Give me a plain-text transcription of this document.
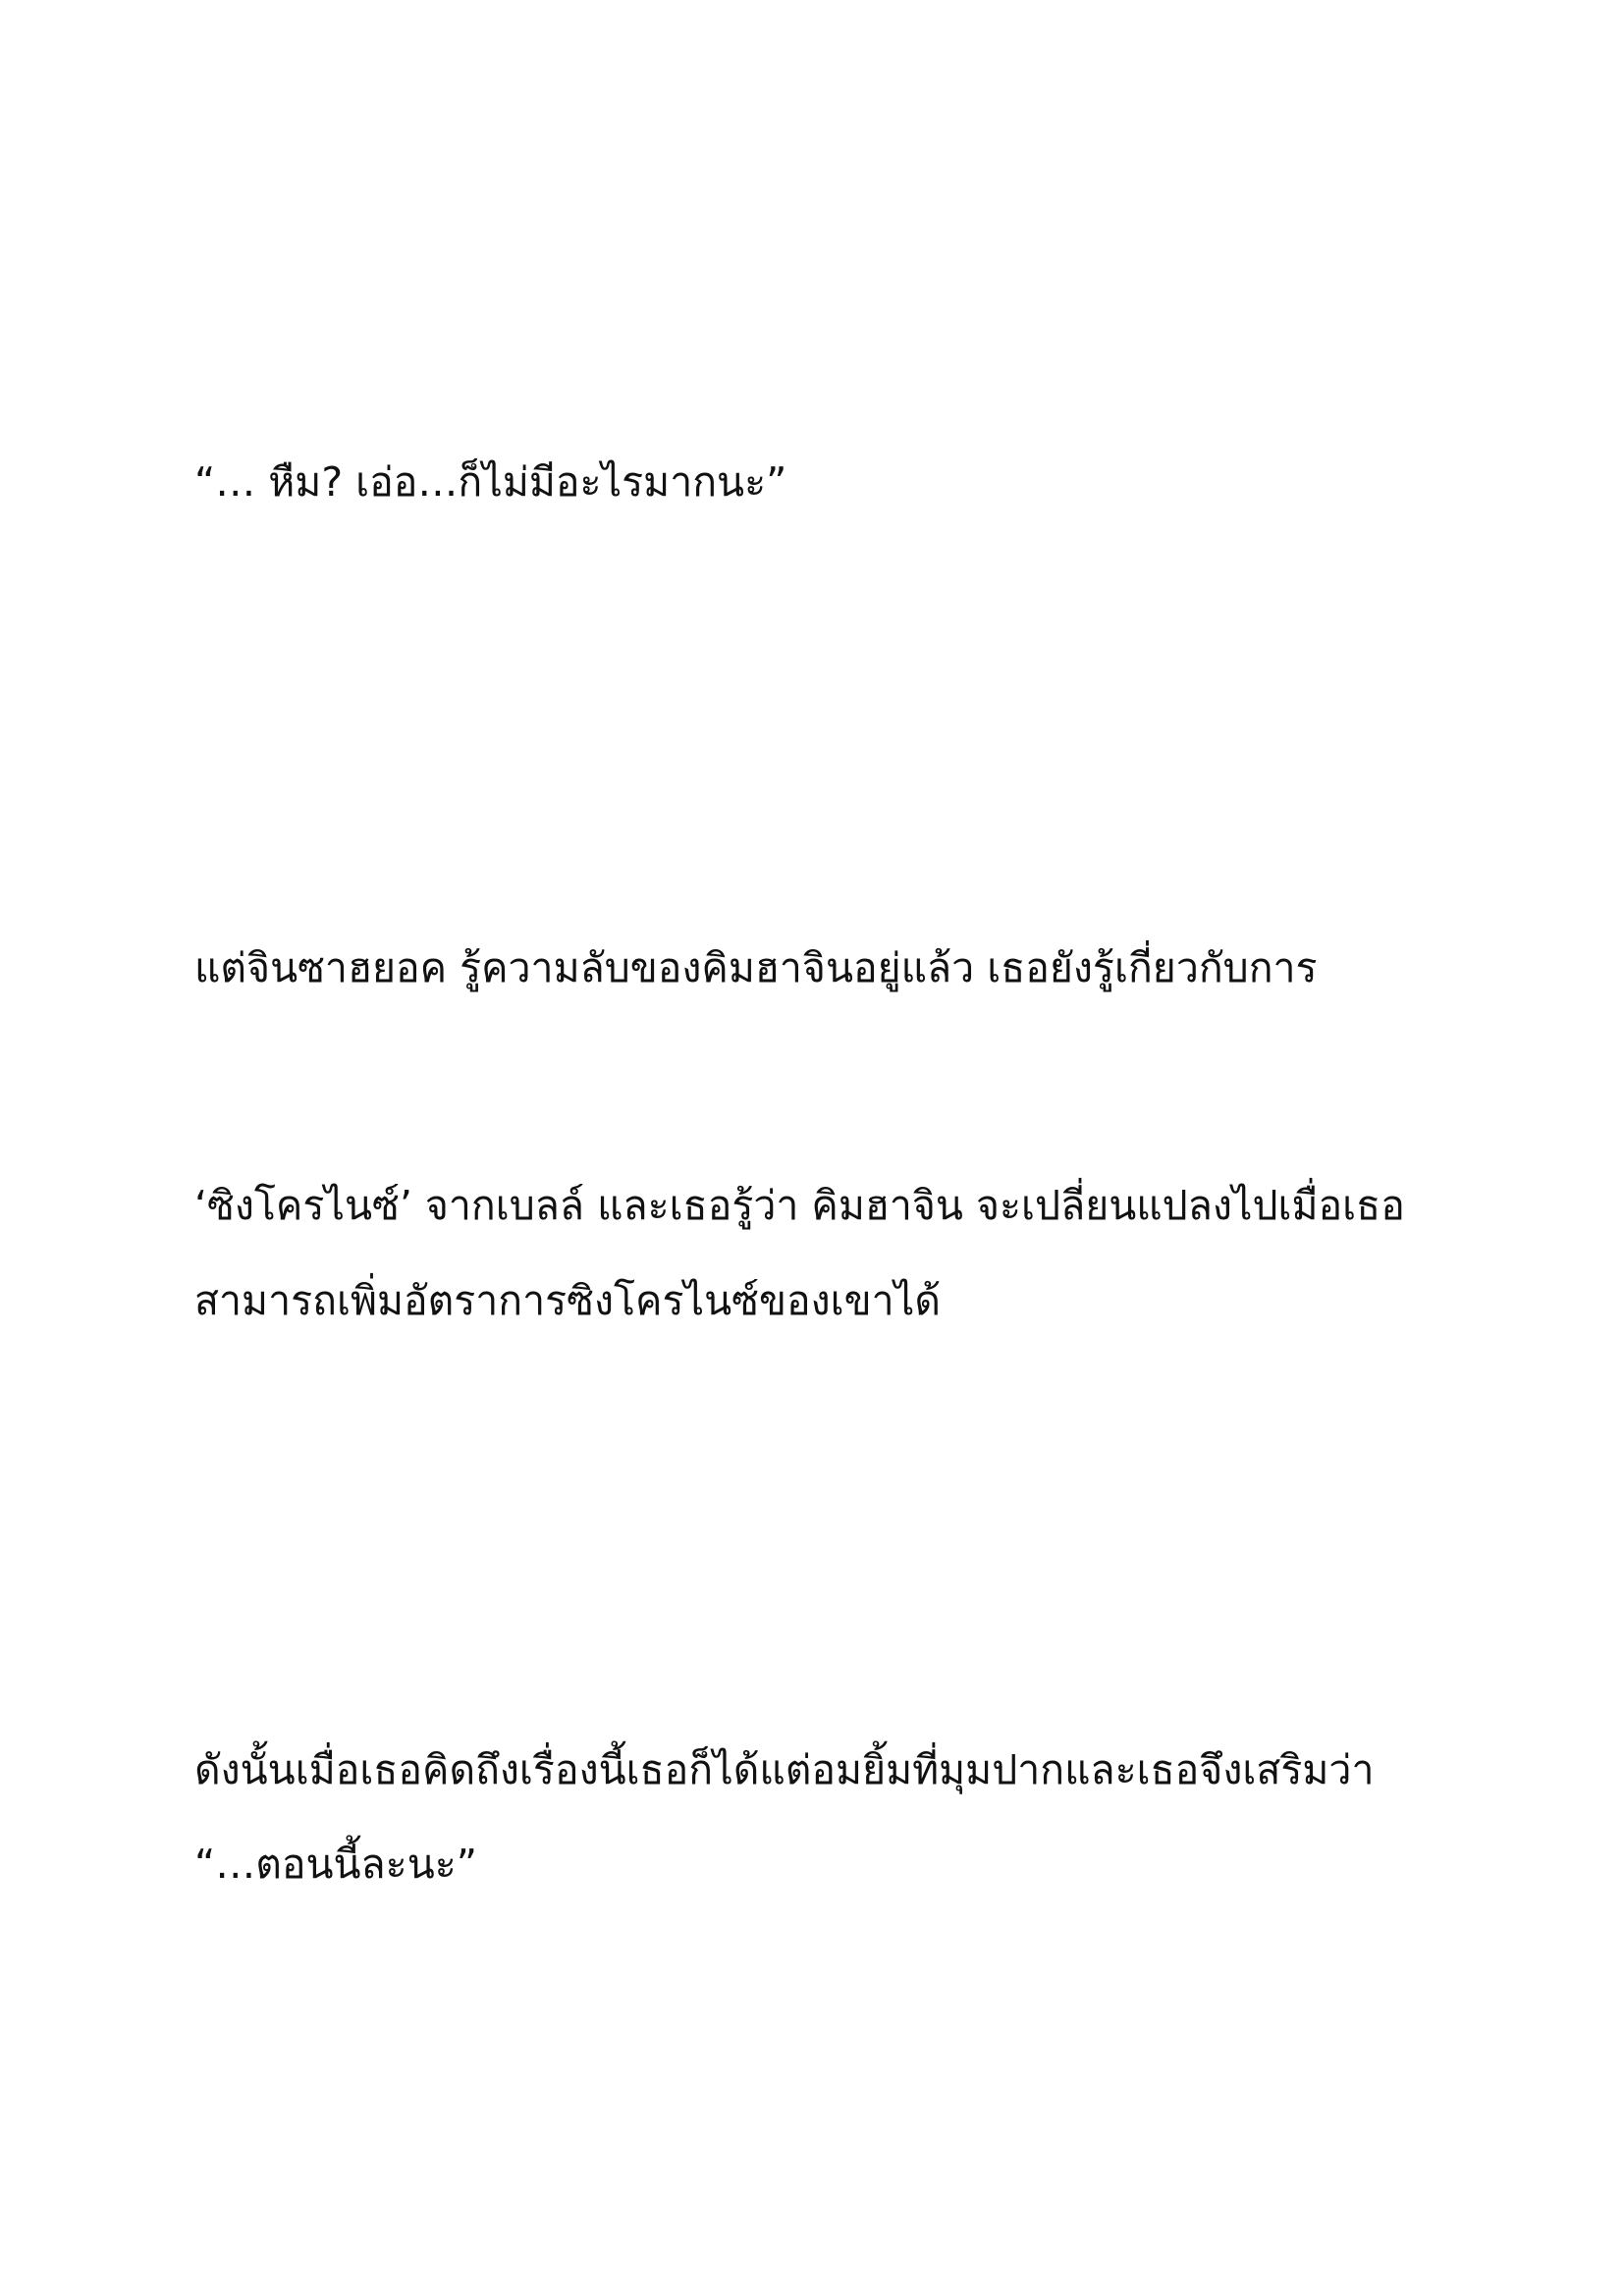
“… หืม? เอ่อ…ก็ไม่มีอะไรมากนะ”

แต่จินซาฮยอค รู้ความลับของคิมฮาจินอยู่แล้ว เธอยังรู้เกี่ยวกับการ

‘ซิงโครไนซ์’ จากเบลล์ และเธอรู้ว่า คิมฮาจิน จะเปลี่ยนแปลงไปเมื่อเธอ

สามารถเพิ่มอัตราการซิงโครไนซ์ของเขาได้

ดังนั้นเมื่อเธอคิดถึงเรื่องนี้เธอก็ได้แต่อมยิ้มที่มุมปากและเธอจึงเสริมว่า

“…ตอนนี้ละนะ”
